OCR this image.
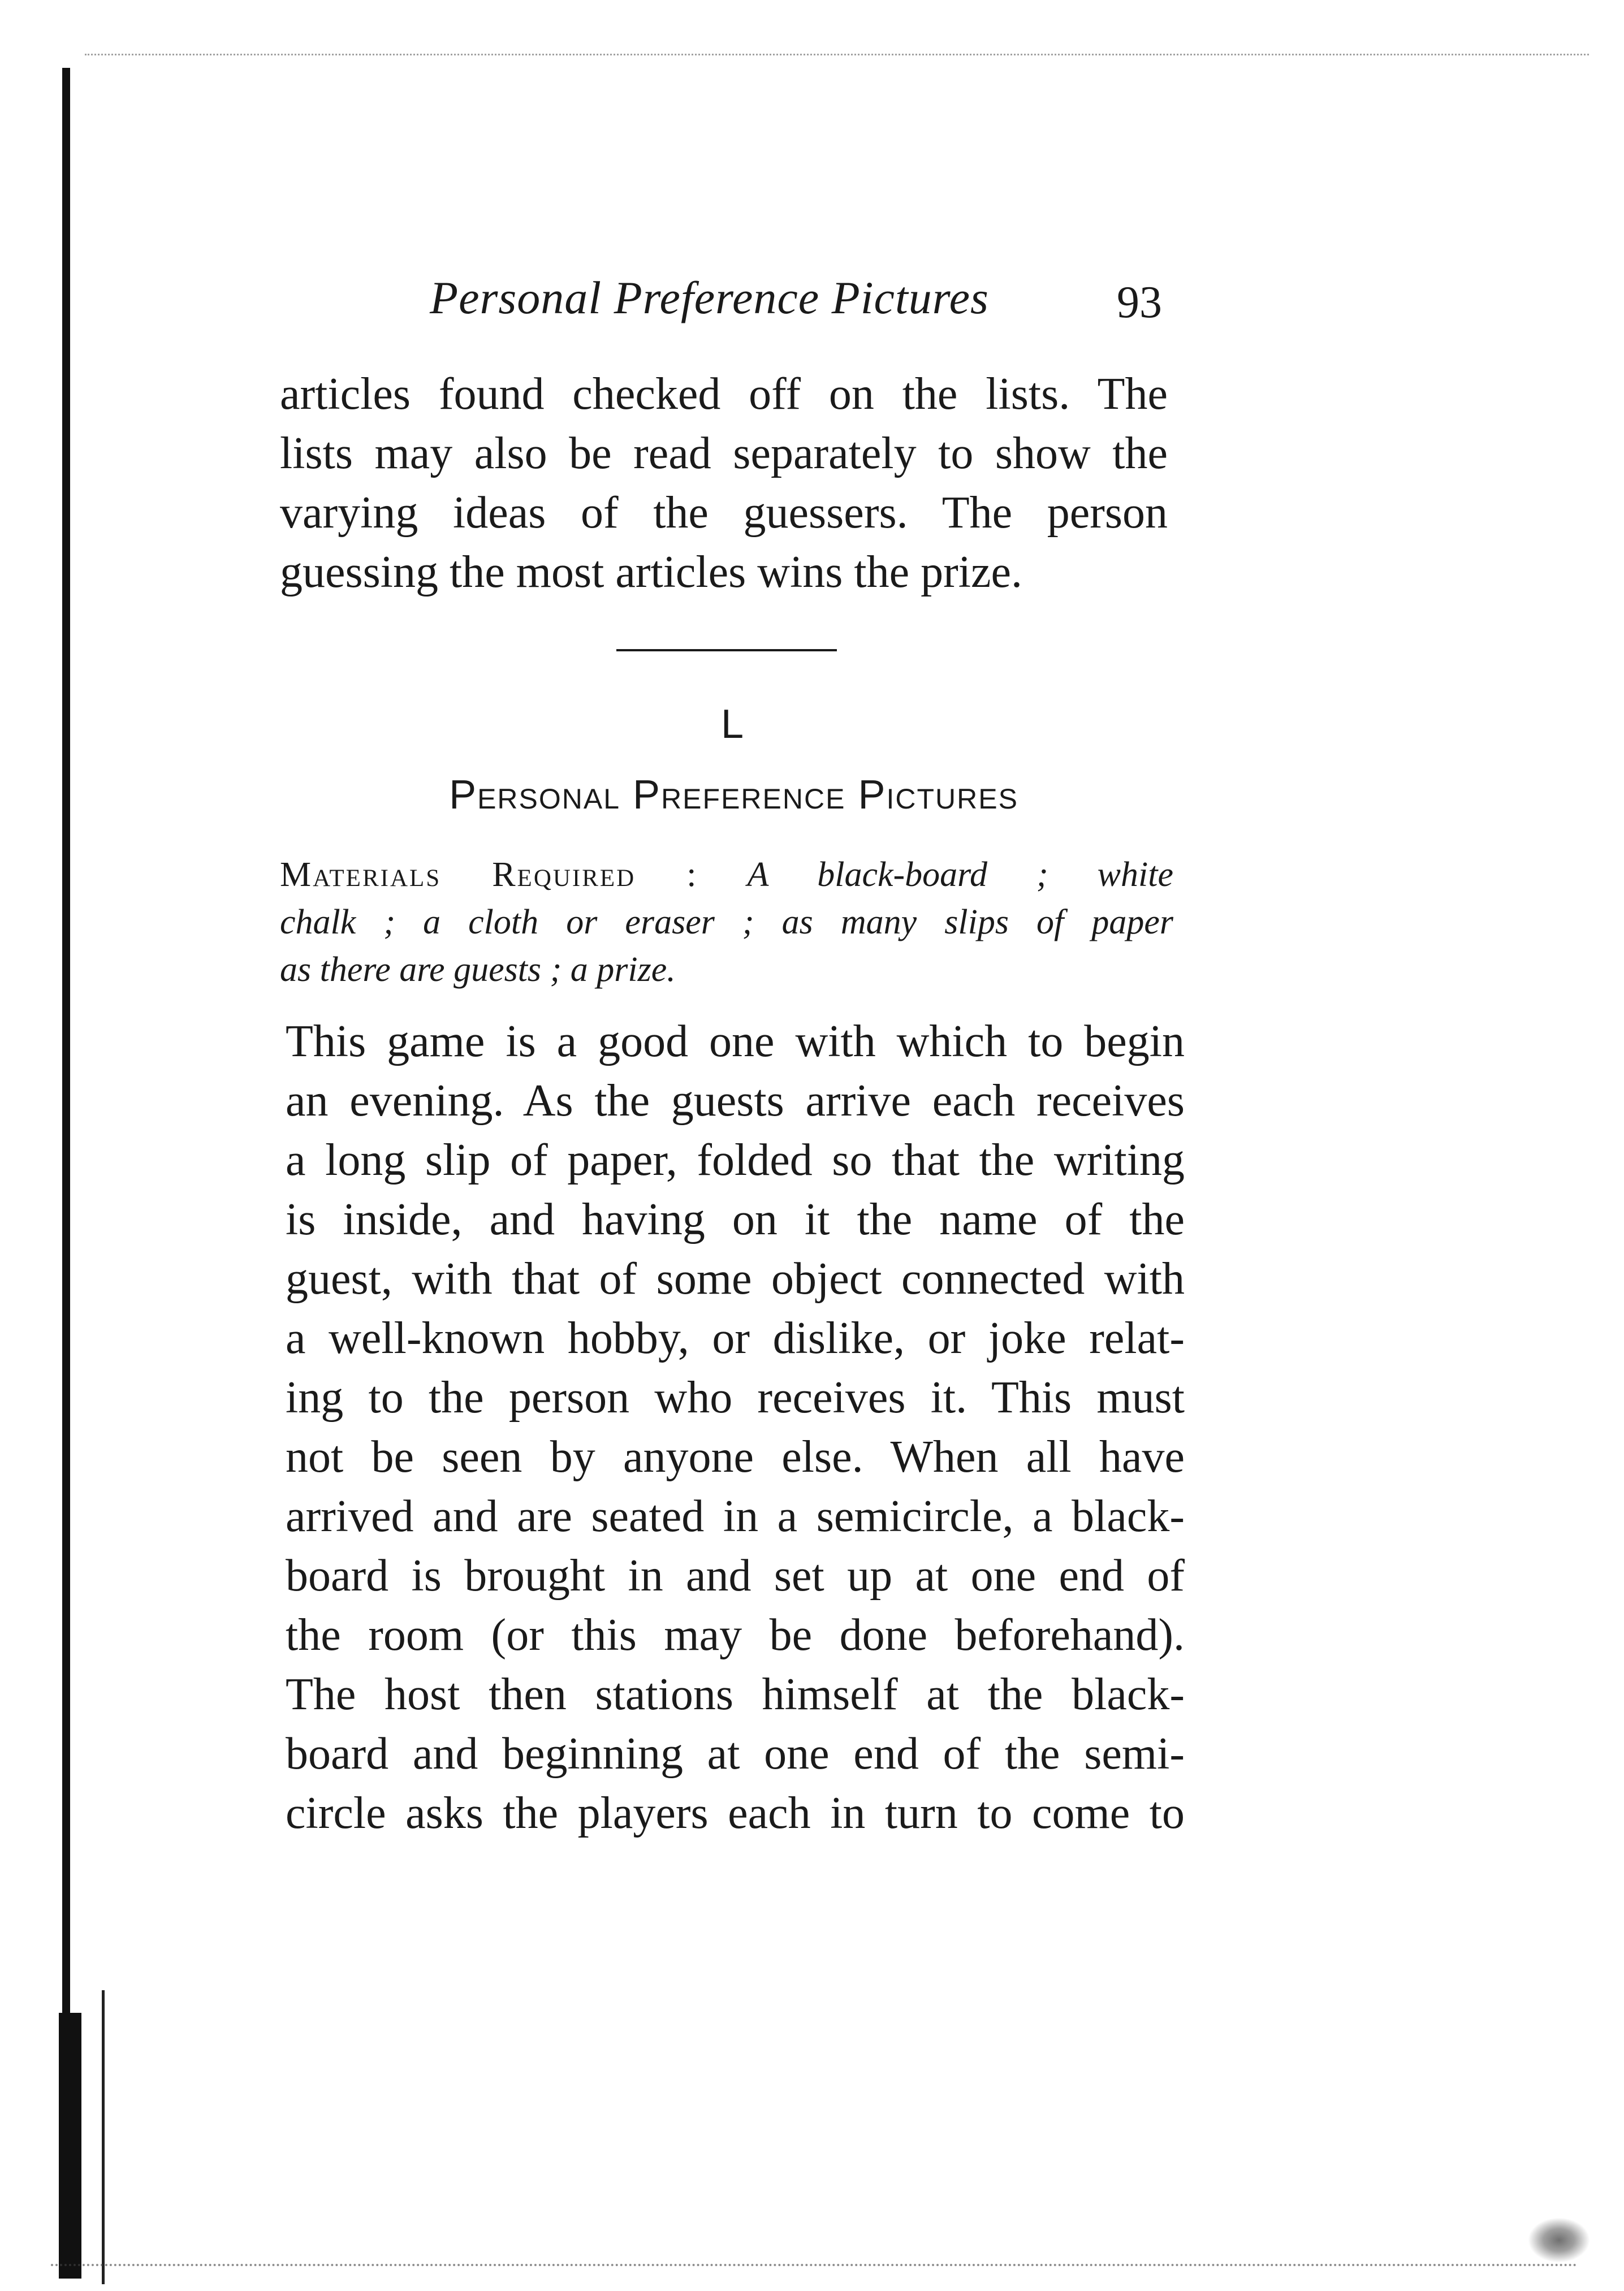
Personal Preference Pictures	93
articles found checked off on the lists. The
lists may also be read separately to show the
varying ideas of the guessers. The person
guessing the most articles wins the prize.
L
Personal Preference Pictures
Materials Required : A black-board ; white
chalk ; a cloth or eraser ; as many slips of paper
as there are guests ; a prize.
This game is a good one with which to begin
an evening. As the guests arrive each receives
a long slip of paper, folded so that the writing
is inside, and having on it the name of the
guest, with that of some object connected with
a well-known hobby, or dislike, or joke relat-
ing to the person who receives it. This must
not be seen by anyone else. When all have
arrived and are seated in a semicircle, a black-
board is brought in and set up at one end of
the room (or this may be done beforehand).
The host then stations himself at the black-
board and beginning at one end of the semi-
circle asks the players each in turn to come to
